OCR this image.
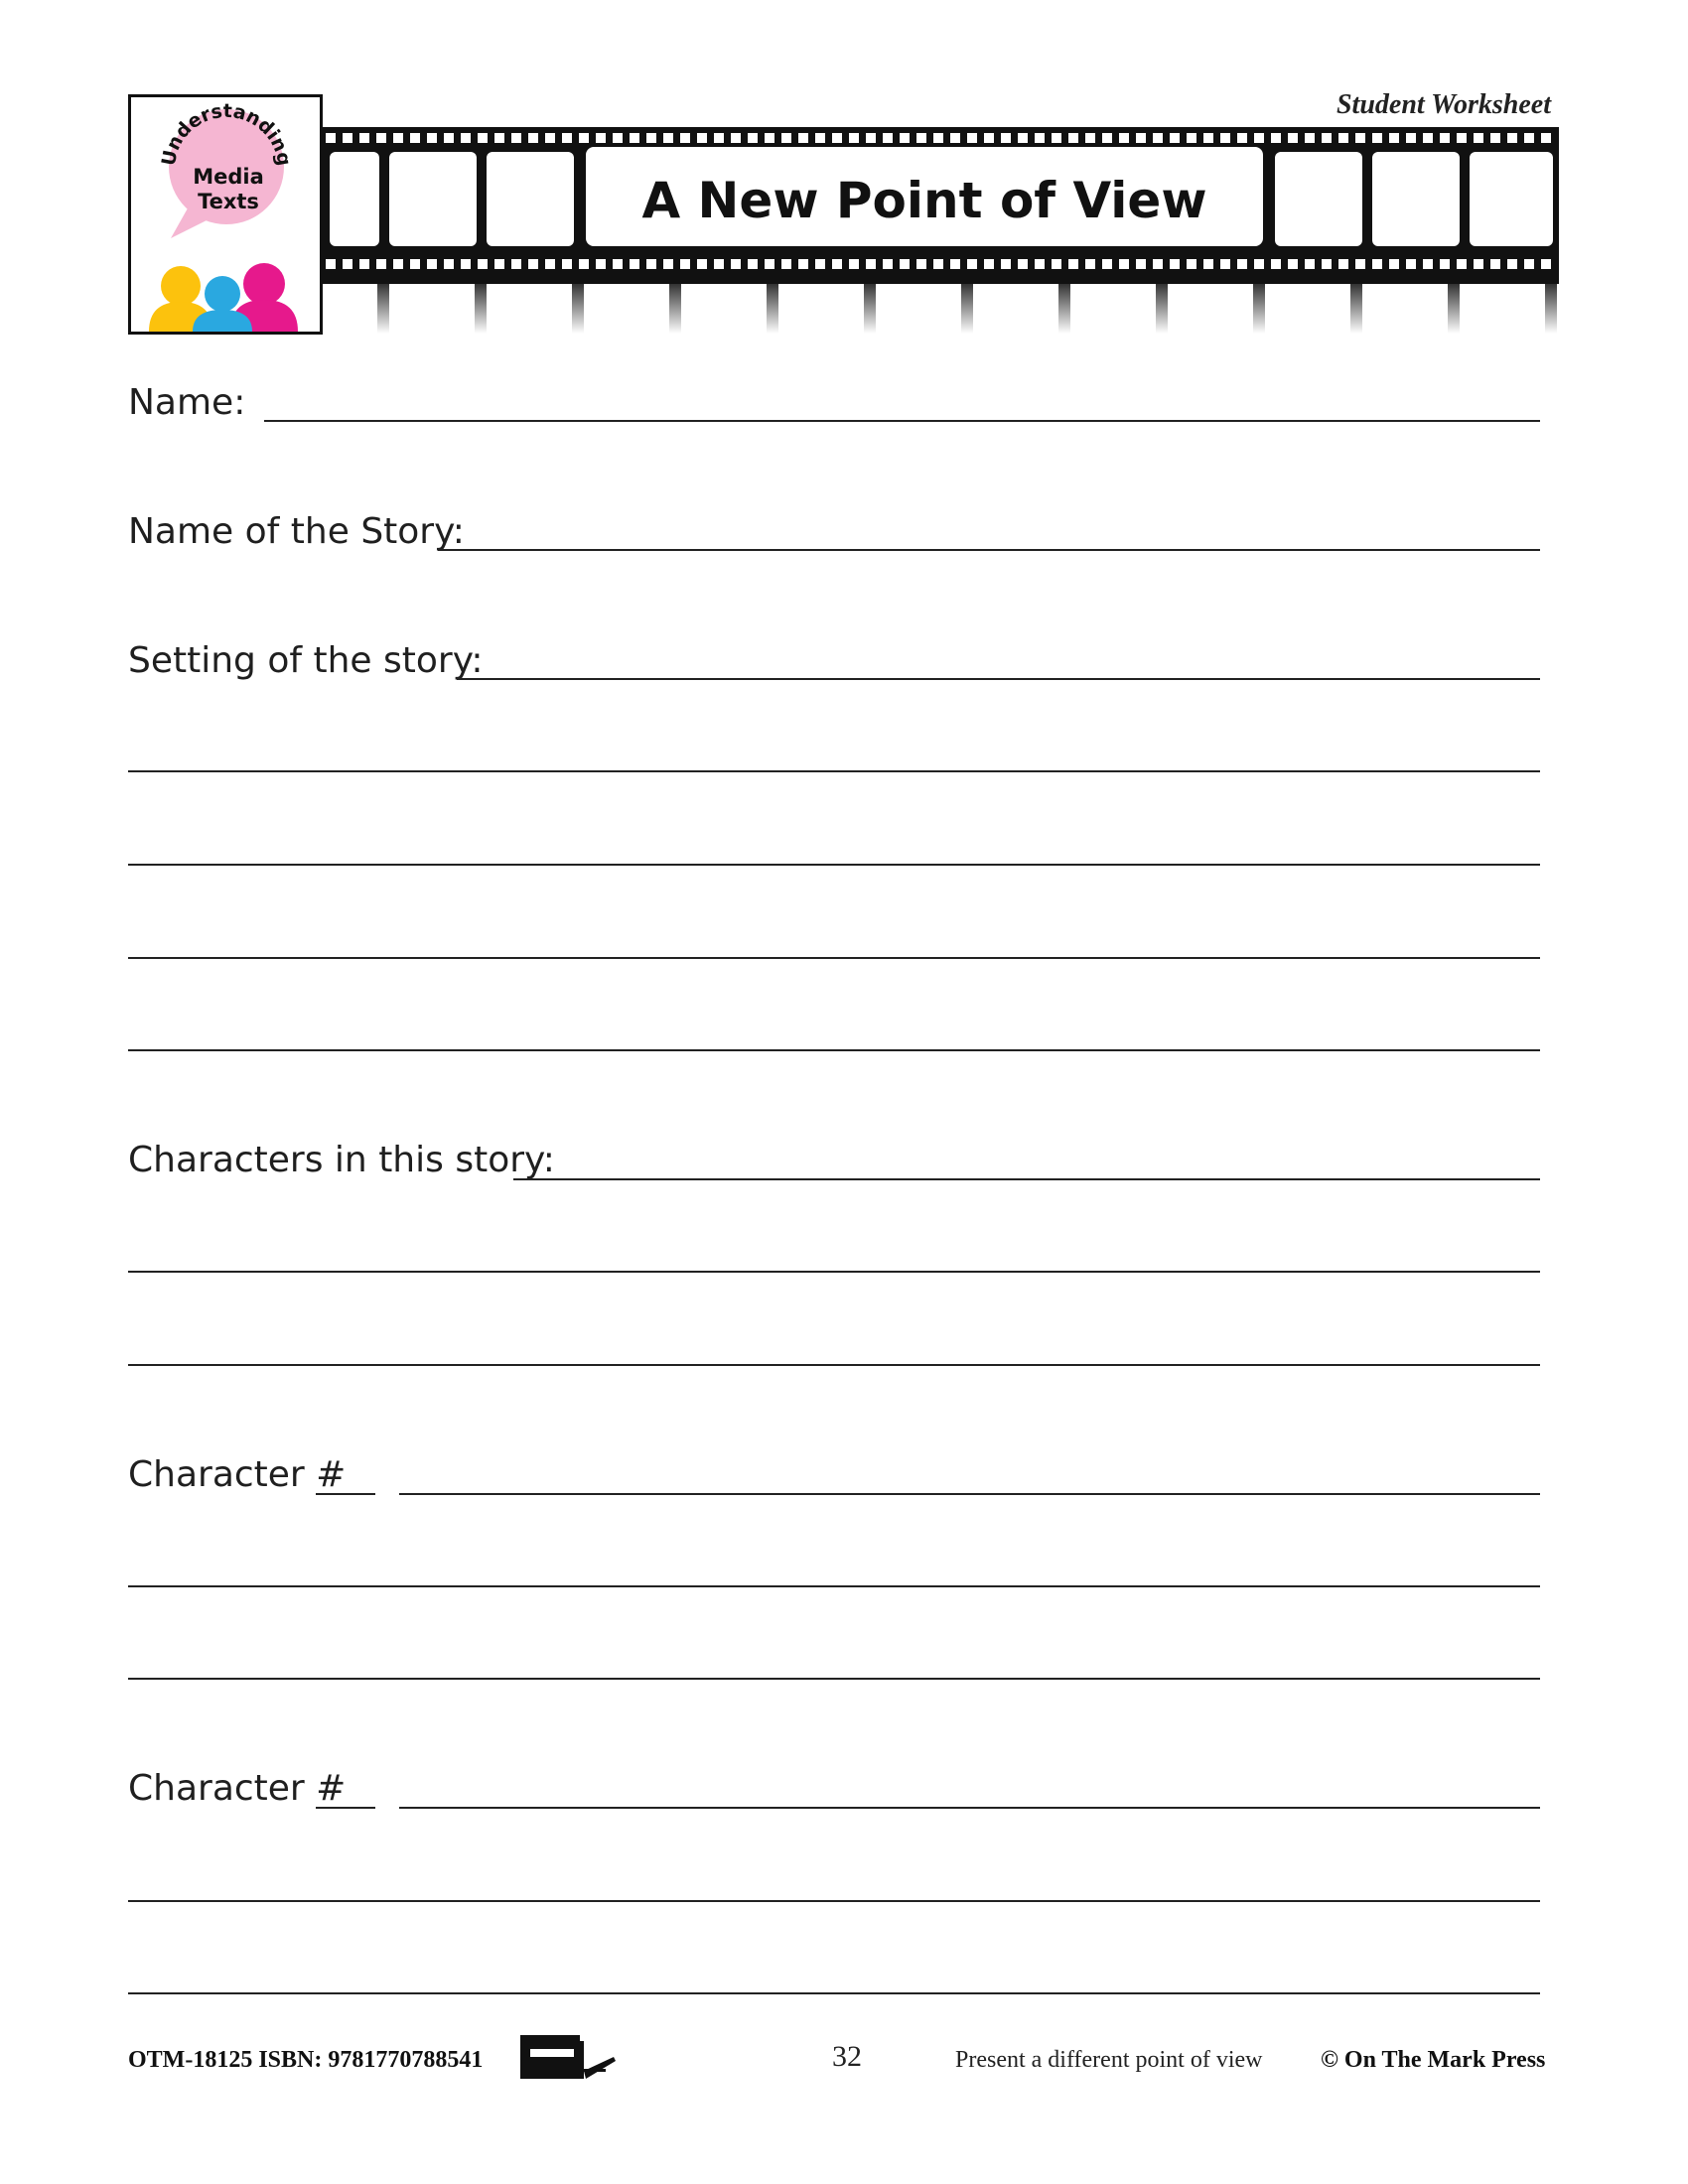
Student Worksheet
Understanding
Media
Texts	A New Point of View
Name:
Name of the Story:
Setting of the story:
Characters in this story:
Character #
Character #
OTM-18125 ISBN: 9781770788541	32	Present a different point of view © On The Mark Press
